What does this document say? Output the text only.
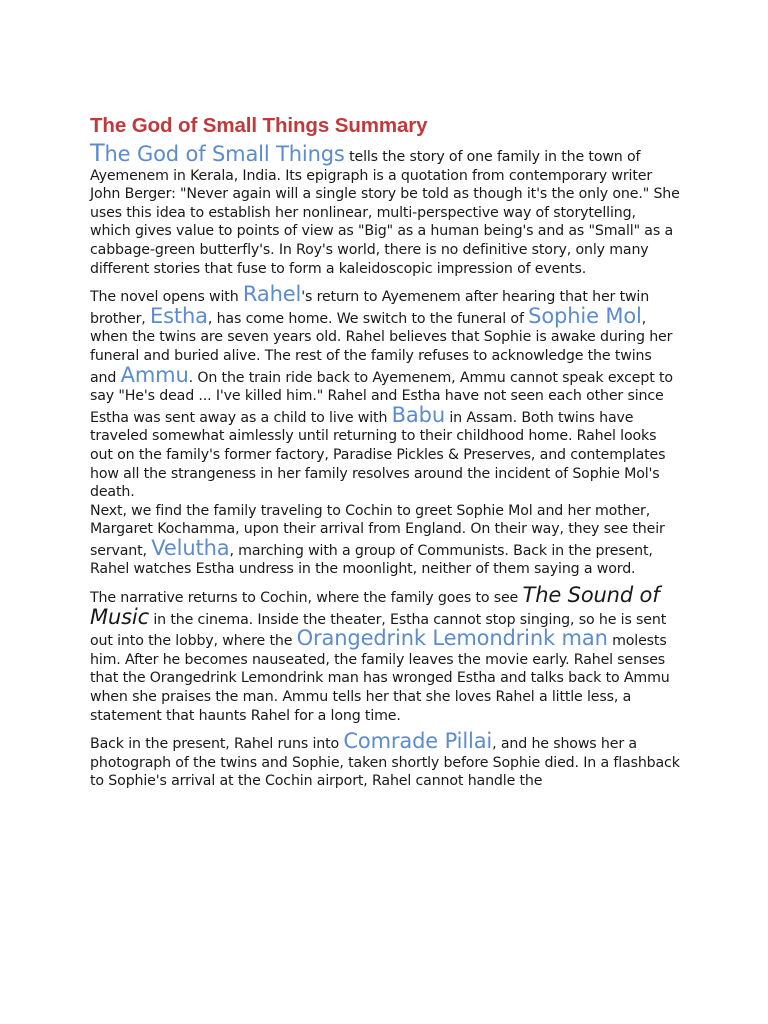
The God of Small Things Summary

The God of Small Things tells the story of one family in the town of Ayemenem in Kerala, India. Its epigraph is a quotation from contemporary writer John Berger: "Never again will a single story be told as though it's the only one." She uses this idea to establish her nonlinear, multi-perspective way of storytelling, which gives value to points of view as "Big" as a human being's and as "Small" as a cabbage-green butterfly's. In Roy's world, there is no definitive story, only many different stories that fuse to form a kaleidoscopic impression of events.

The novel opens with Rahel's return to Ayemenem after hearing that her twin brother, Estha, has come home. We switch to the funeral of Sophie Mol, when the twins are seven years old. Rahel believes that Sophie is awake during her funeral and buried alive. The rest of the family refuses to acknowledge the twins and Ammu. On the train ride back to Ayemenem, Ammu cannot speak except to say "He's dead ... I've killed him." Rahel and Estha have not seen each other since Estha was sent away as a child to live with Babu in Assam. Both twins have traveled somewhat aimlessly until returning to their childhood home. Rahel looks out on the family's former factory, Paradise Pickles & Preserves, and contemplates how all the strangeness in her family resolves around the incident of Sophie Mol's death.
Next, we find the family traveling to Cochin to greet Sophie Mol and her mother, Margaret Kochamma, upon their arrival from England. On their way, they see their servant, Velutha, marching with a group of Communists. Back in the present, Rahel watches Estha undress in the moonlight, neither of them saying a word.

The narrative returns to Cochin, where the family goes to see The Sound of Music in the cinema. Inside the theater, Estha cannot stop singing, so he is sent out into the lobby, where the Orangedrink Lemondrink man molests him. After he becomes nauseated, the family leaves the movie early. Rahel senses that the Orangedrink Lemondrink man has wronged Estha and talks back to Ammu when she praises the man. Ammu tells her that she loves Rahel a little less, a statement that haunts Rahel for a long time.

Back in the present, Rahel runs into Comrade Pillai, and he shows her a photograph of the twins and Sophie, taken shortly before Sophie died. In a flashback to Sophie's arrival at the Cochin airport, Rahel cannot handle the
